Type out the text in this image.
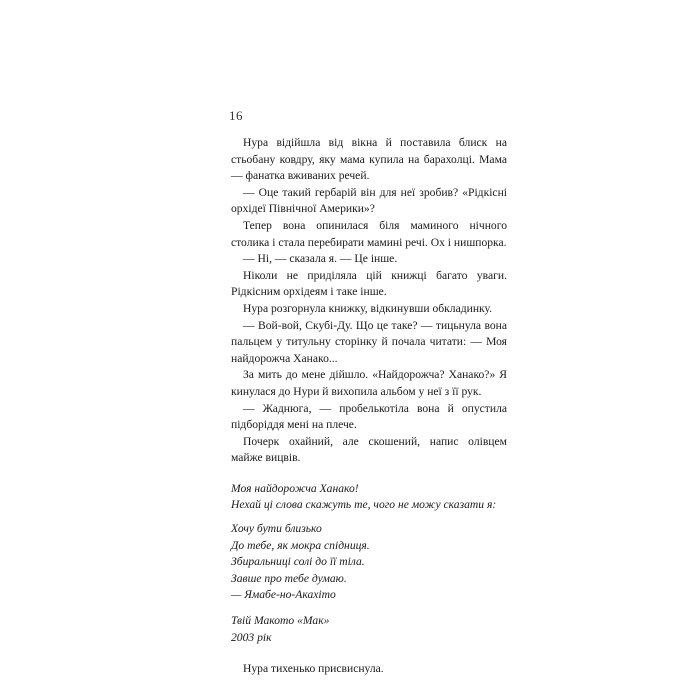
16

Нура відійшла від вікна й поставила блиск на стьобану ковдру, яку мама купила на барахолці. Мама — фанатка вживаних речей.

— Оце такий гербарій він для неї зробив? «Рідкісні орхідеї Північної Америки»?

Тепер вона опинилася біля маминого нічного столика і стала перебирати мамині речі. Ох і нишпорка.

— Ні, — сказала я. — Це інше.

Ніколи не приділяла цій книжці багато уваги. Рідкісним орхідеям і таке інше.

Нура розгорнула книжку, відкинувши обкладинку.

— Вой-вой, Скубі-Ду. Що це таке? — тицьнула вона пальцем у титульну сторінку й почала читати: — Моя найдорожча Ханако...

За мить до мене дійшло. «Найдорожча? Ханако?» Я кинулася до Нури й вихопила альбом у неї з її рук.

— Жаднюга, — пробелькотіла вона й опустила підборіддя мені на плече.

Почерк охайний, але скошений, напис олівцем майже вицвів.

Моя найдорожча Ханако!

Нехай ці слова скажуть те, чого не можу сказати я:

Хочу бути близько

До тебе, як мокра спідниця.

Збиральниці солі до її тіла.

Завше про тебе думаю.

— Ямабе-но-Акахіто

Твій Макото «Мак»

2003 рік

Нура тихенько присвиснула.
